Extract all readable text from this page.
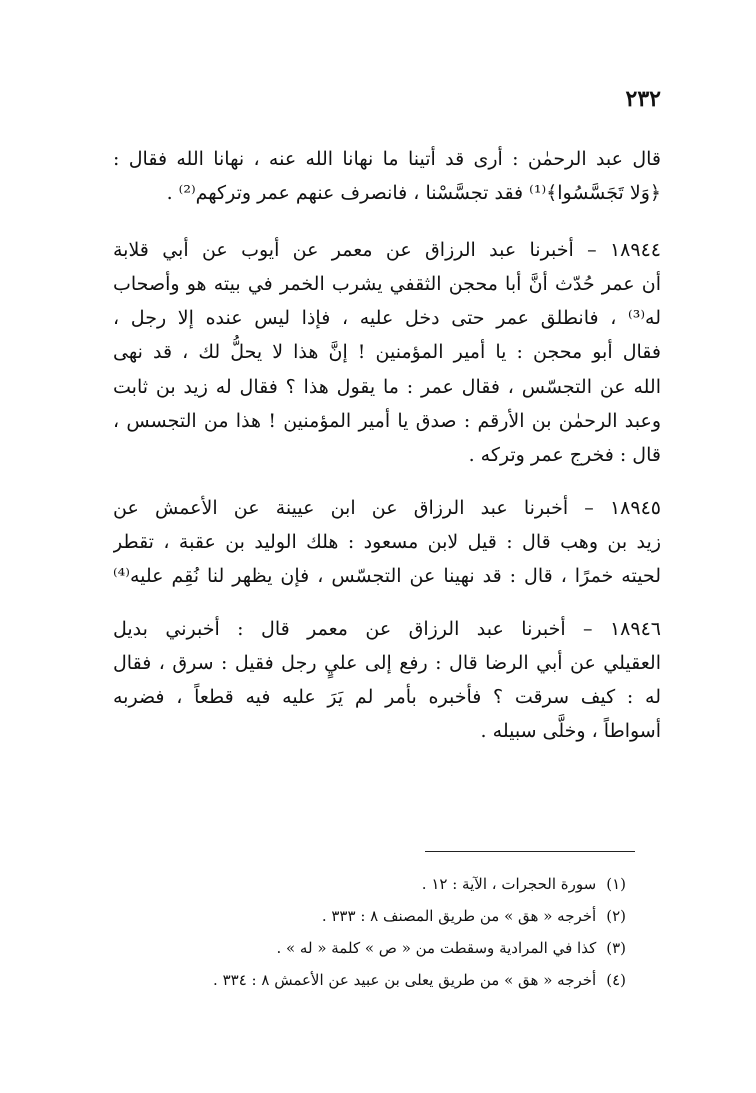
٢٣٢
قال عبد الرحمٰن : أرى قد أتينا ما نهانا الله عنه ، نهانا الله فقال :
﴿وَلا تَجَسَّسُوا﴾⁽¹⁾ فقد تجسَّسْنا ، فانصرف عنهم عمر وتركهم⁽²⁾ .
١٨٩٤٤ – أخبرنا عبد الرزاق عن معمر عن أيوب عن أبي قلابة
أن عمر حُدّث أنَّ أبا محجن الثقفي يشرب الخمر في بيته هو وأصحاب
له⁽³⁾ ، فانطلق عمر حتى دخل عليه ، فإذا ليس عنده إلا رجل ،
فقال أبو محجن : يا أمير المؤمنين ! إنَّ هذا لا يحلُّ لك ، قد نهى
الله عن التجسّس ، فقال عمر : ما يقول هذا ؟ فقال له زيد بن ثابت
وعبد الرحمٰن بن الأرقم : صدق يا أمير المؤمنين ! هذا من التجسس ،
قال : فخرج عمر وتركه .
١٨٩٤٥ – أخبرنا عبد الرزاق عن ابن عيينة عن الأعمش عن
زيد بن وهب قال : قيل لابن مسعود : هلك الوليد بن عقبة ، تقطر
لحيته خمرًا ، قال : قد نهينا عن التجسّس ، فإن يظهر لنا نُقِم عليه⁽⁴⁾
١٨٩٤٦ – أخبرنا عبد الرزاق عن معمر قال : أخبرني بديل
العقيلي عن أبي الرضا قال : رفع إلى عليٍ رجل فقيل : سرق ، فقال
له : كيف سرقت ؟ فأخبره بأمر لم يَرَ عليه فيه قطعاً ، فضربه
أسواطاً ، وخلَّى سبيله .
(١)سورة الحجرات ، الآية : ١٢ .
(٢)أخرجه « هق » من طريق المصنف ٨ : ٣٣٣ .
(٣)كذا في المرادية وسقطت من « ص » كلمة « له » .
(٤)أخرجه « هق » من طريق يعلى بن عبيد عن الأعمش ٨ : ٣٣٤ .
